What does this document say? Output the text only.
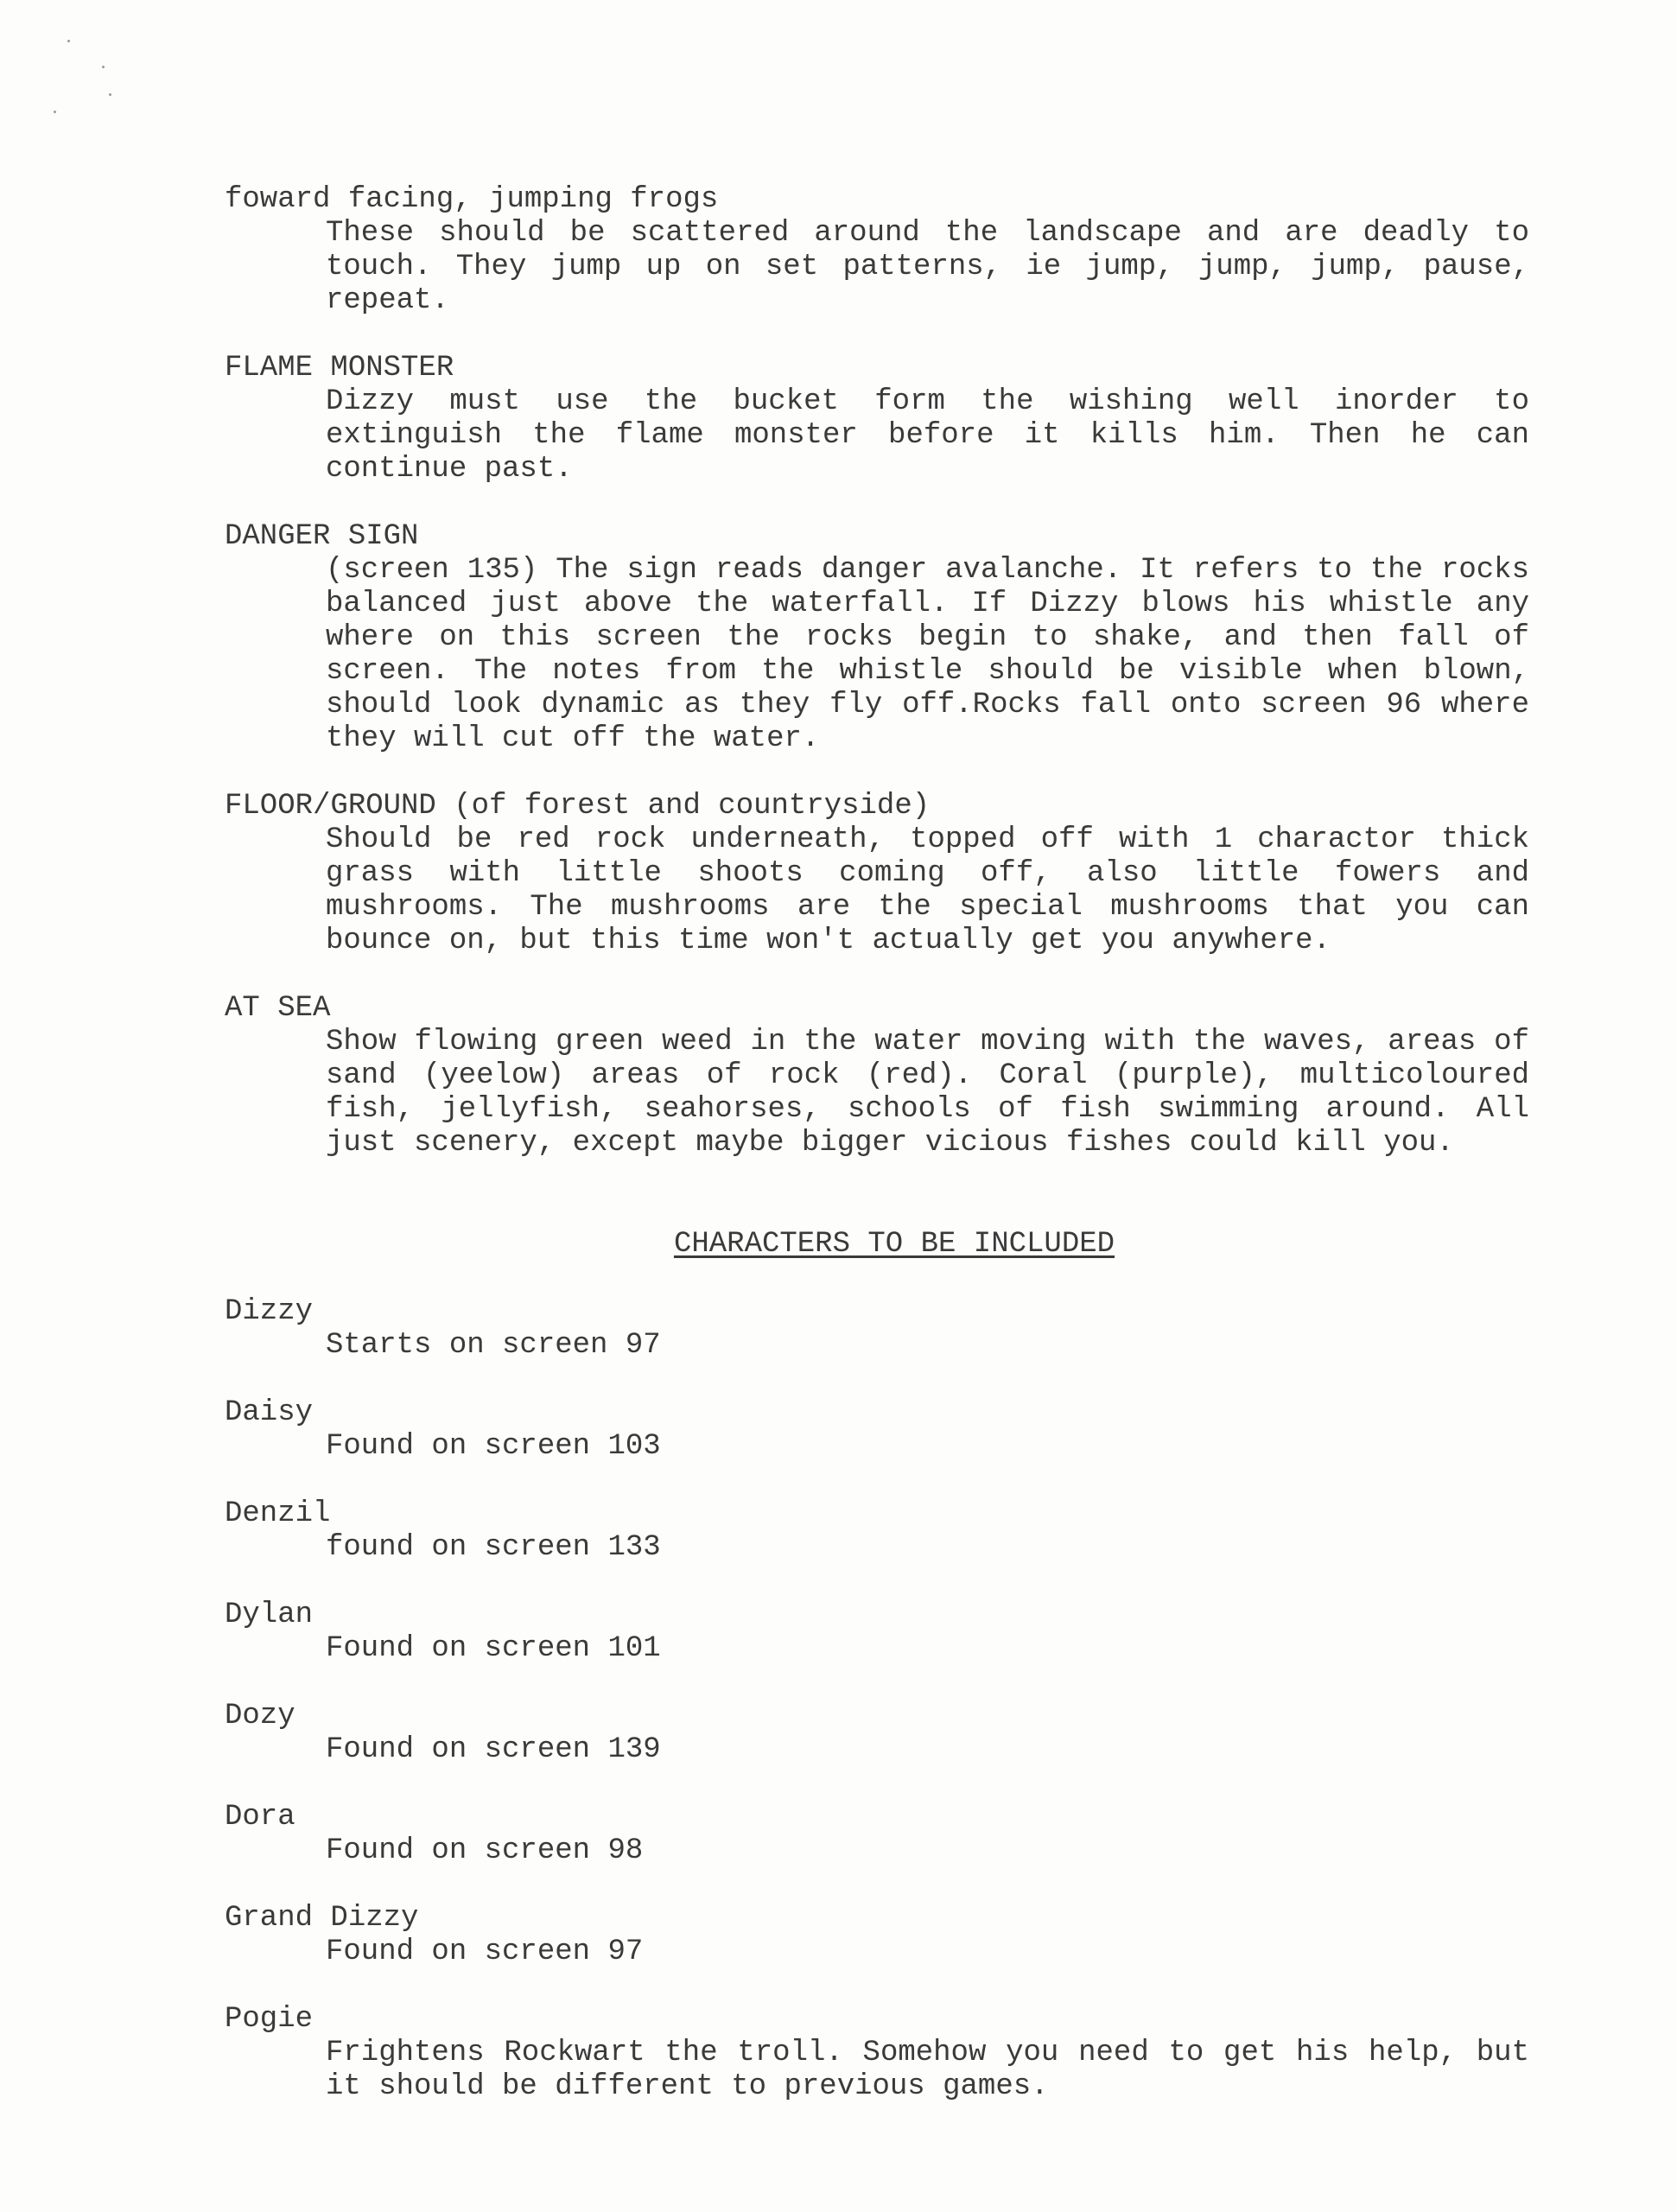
foward facing, jumping frogs
These should be scattered around the landscape and are deadly to touch. They jump up on set patterns, ie jump, jump, jump, pause, repeat.
FLAME MONSTER
Dizzy must use the bucket form the wishing well inorder to extinguish the flame monster before it kills him. Then he can continue past.
DANGER SIGN
(screen 135) The sign reads danger avalanche. It refers to the rocks balanced just above the waterfall. If Dizzy blows his whistle any where on this screen the rocks begin to shake, and then fall of screen. The notes from the whistle should be visible when blown, should look dynamic as they fly off.Rocks fall onto screen 96 where they will cut off the water.
FLOOR/GROUND (of forest and countryside)
Should be red rock underneath, topped off with 1 charactor thick grass with little shoots coming off, also little fowers and mushrooms. The mushrooms are the special mushrooms that you can bounce on, but this time won't actually get you anywhere.
AT SEA
Show flowing green weed in the water moving with the waves, areas of sand (yeelow) areas of rock (red). Coral (purple), multicoloured fish, jellyfish, seahorses, schools of fish swimming around. All just scenery, except maybe bigger vicious fishes could kill you.
CHARACTERS TO BE INCLUDED
Dizzy
Starts on screen 97
Daisy
Found on screen 103
Denzil
found on screen 133
Dylan
Found on screen 101
Dozy
Found on screen 139
Dora
Found on screen 98
Grand Dizzy
Found on screen 97
Pogie
Frightens Rockwart the troll. Somehow you need to get his help, but it should be different to previous games.
